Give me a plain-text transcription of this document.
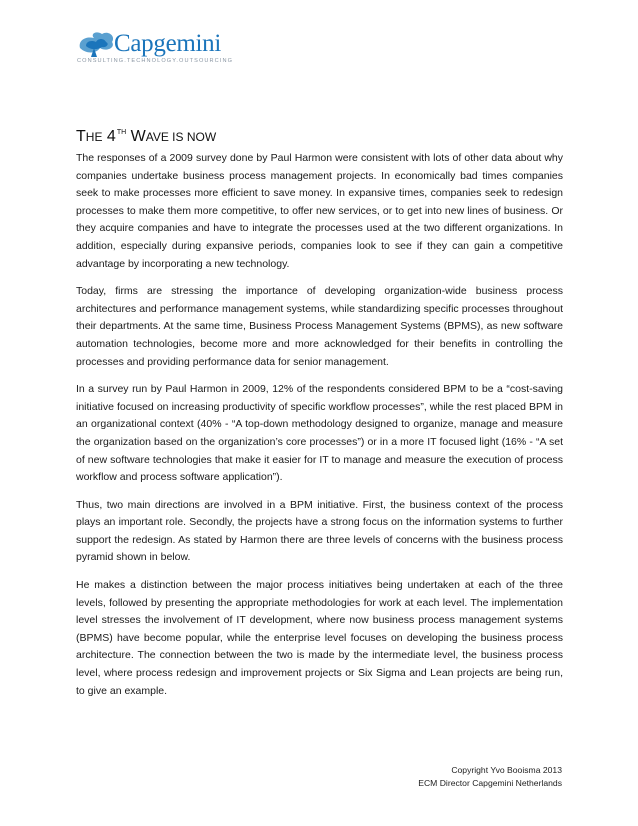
Capgemini
CONSULTING.TECHNOLOGY.OUTSOURCING
THE 4TH WAVE IS NOW

The responses of a 2009 survey done by Paul Harmon were consistent with lots of other data about why companies undertake business process management projects. In economically bad times companies seek to make processes more efficient to save money. In expansive times, companies seek to redesign processes to make them more competitive, to offer new services, or to get into new lines of business. Or they acquire companies and have to integrate the processes used at the two different organizations. In addition, especially during expansive periods, companies look to see if they can gain a competitive advantage by incorporating a new technology.

Today, firms are stressing the importance of developing organization-wide business process architectures and performance management systems, while standardizing specific processes throughout their departments. At the same time, Business Process Management Systems (BPMS), as new software automation technologies, become more and more acknowledged for their benefits in controlling the processes and providing performance data for senior management.

In a survey run by Paul Harmon in 2009, 12% of the respondents considered BPM to be a “cost-saving initiative focused on increasing productivity of specific workflow processes”, while the rest placed BPM in an organizational context (40% - “A top-down methodology designed to organize, manage and measure the organization based on the organization’s core processes”) or in a more IT focused light (16% - “A set of new software technologies that make it easier for IT to manage and measure the execution of process workflow and process software application”).

Thus, two main directions are involved in a BPM initiative. First, the business context of the process plays an important role. Secondly, the projects have a strong focus on the information systems to further support the redesign. As stated by Harmon there are three levels of concerns with the business process pyramid shown in below.

He makes a distinction between the major process initiatives being undertaken at each of the three levels, followed by presenting the appropriate methodologies for work at each level. The implementation level stresses the involvement of IT development, where now business process management systems (BPMS) have become popular, while the enterprise level focuses on developing the business process architecture. The connection between the two is made by the intermediate level, the business process level, where process redesign and improvement projects or Six Sigma and Lean projects are being run, to give an example.

Copyright Yvo Booisma 2013
ECM Director Capgemini Netherlands
